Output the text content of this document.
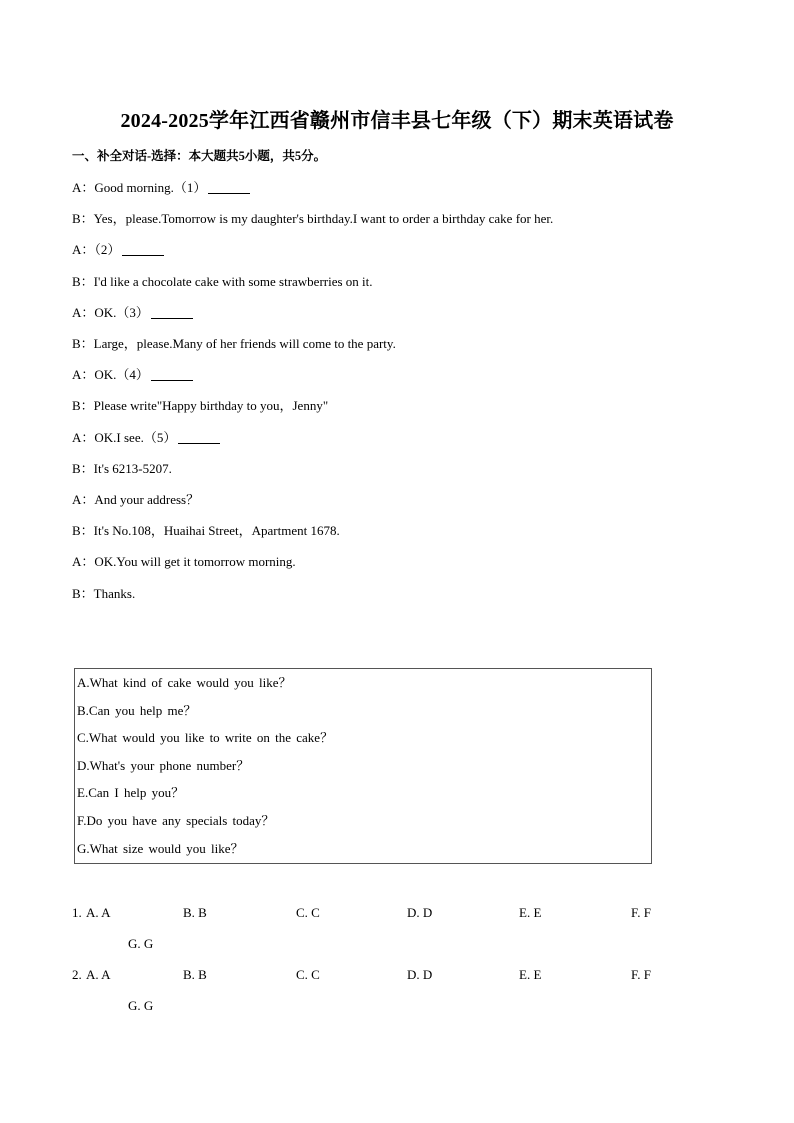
2024-2025学年江西省赣州市信丰县七年级（下）期末英语试卷
一、补全对话-选择：本大题共5小题，共5分。
A：Good morning.（1）
B：Yes，please.Tomorrow is my daughter's birthday.I want to order a birthday cake for her.
A：（2）
B：I'd like a chocolate cake with some strawberries on it.
A：OK.（3）
B：Large，please.Many of her friends will come to the party.
A：OK.（4）
B：Please write"Happy birthday to you，Jenny"
A：OK.I see.（5）
B：It's 6213-5207.
A：And your address？
B：It's No.108，Huaihai Street，Apartment 1678.
A：OK.You will get it tomorrow morning.
B：Thanks.
A.What kind of cake would you like？
B.Can you help me？
C.What would you like to write on the cake？
D.What's your phone number？
E.Can I help you？
F.Do you have any specials today？
G.What size would you like？
1. A. A	B. B	C. C	D. D	E. E	F. F
G. G
2. A. A	B. B	C. C	D. D	E. E	F. F
G. G
